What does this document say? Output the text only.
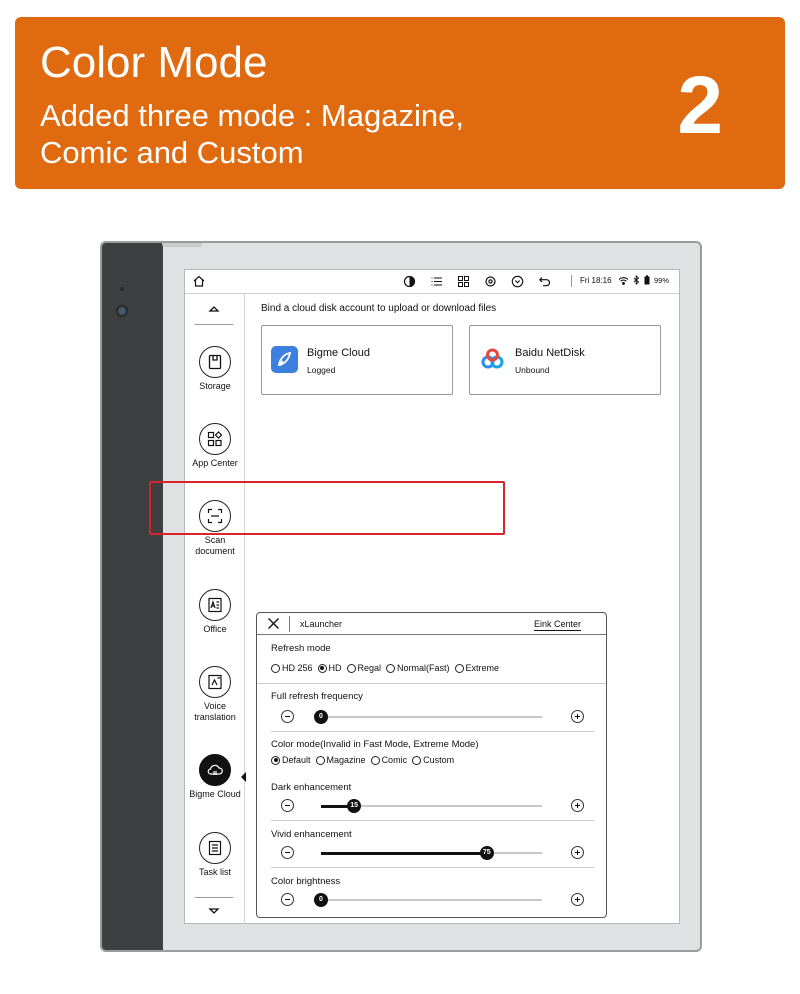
Color Mode
Added three mode : Magazine, Comic and Custom
2
Fri 18:16	99%
Storage
App Center
Scan document
Office
Voice translation
Bigme Cloud
Task list
Bind a cloud disk account to upload or download files
Bigme Cloud
Logged
Baidu NetDisk
Unbound
xLauncher	Eink Center
Refresh mode
HD 256 HD Regal Normal(Fast) Extreme
Full refresh frequency
0
Color mode(Invalid in Fast Mode, Extreme Mode)
Default Magazine Comic Custom
Dark enhancement
15
Vivid enhancement
75
Color brightness
0
